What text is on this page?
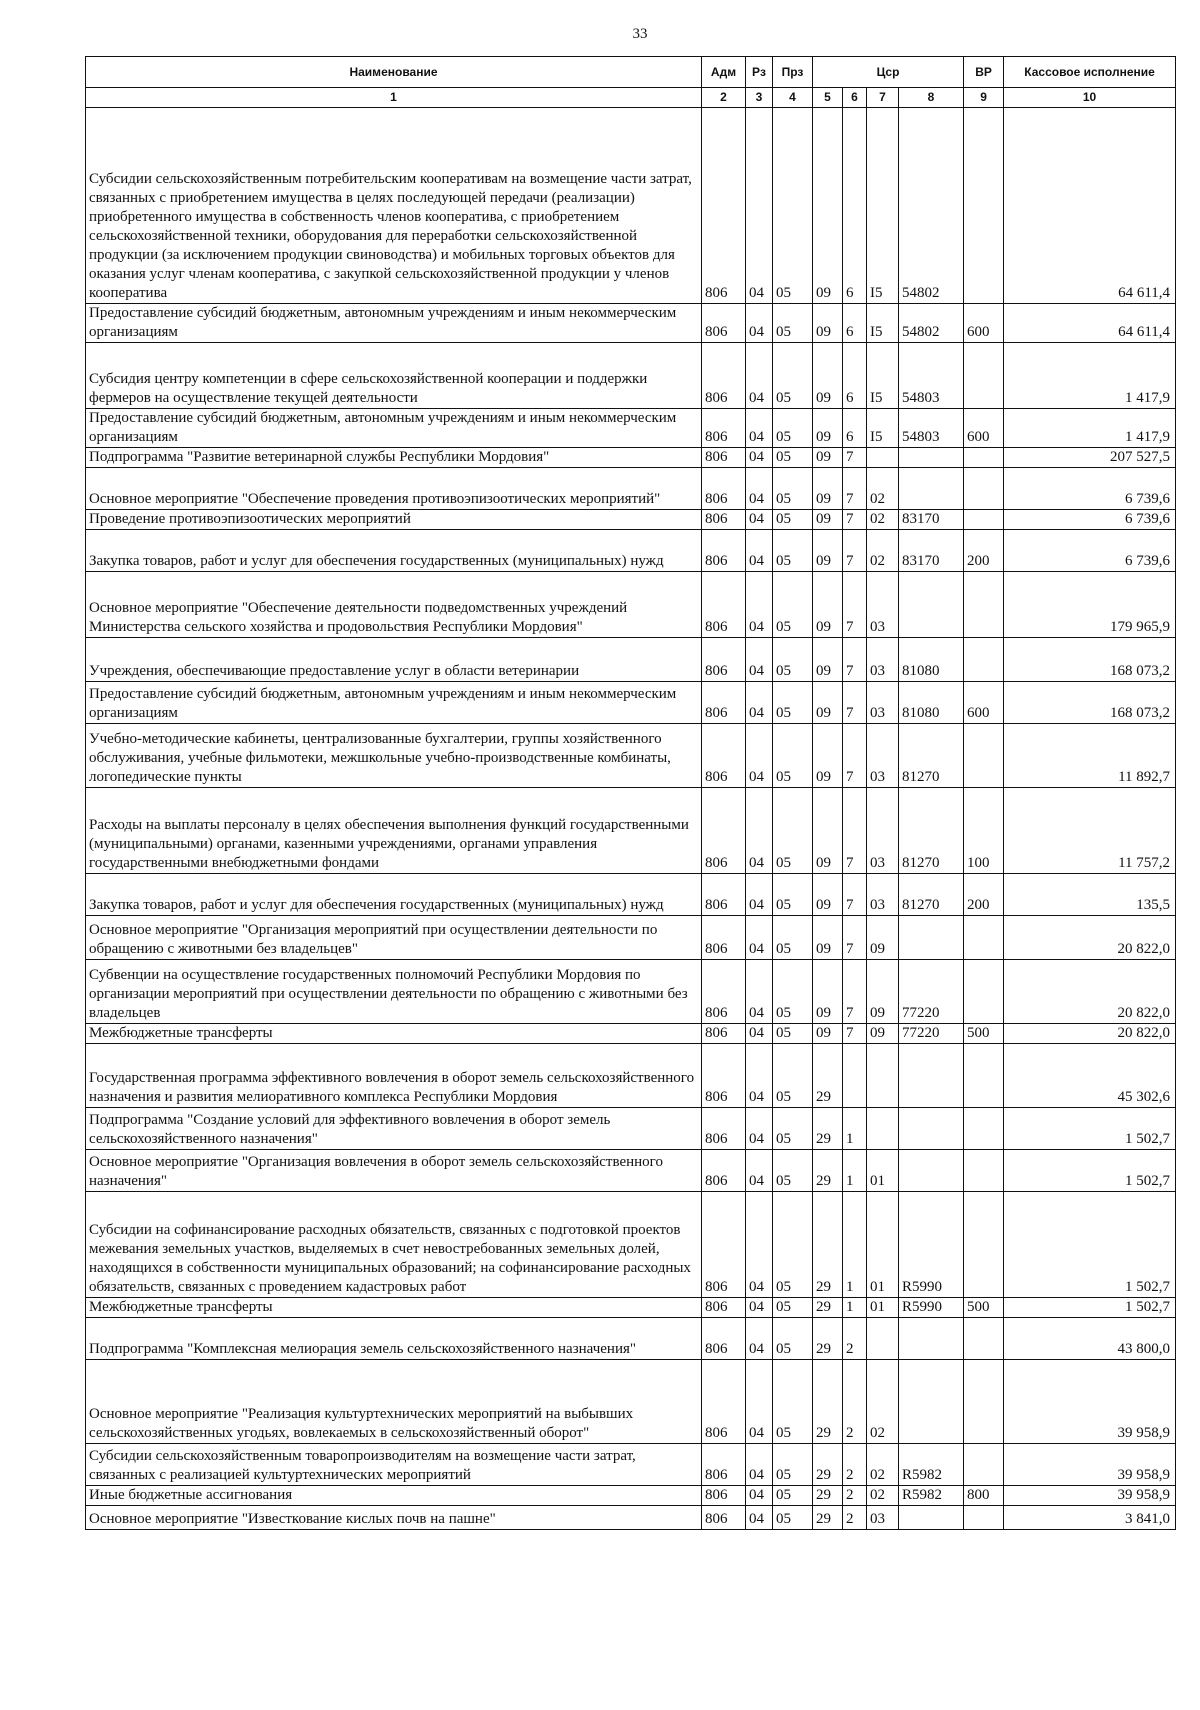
33
Наименование	Адм	Рз	Прз	Цср				ВР	Кассовое исполнение
1	2	3	4	5	6	7	8	9	10
Субсидии сельскохозяйственным потребительским кооперативам на возмещение части затрат, связанных с приобретением имущества в целях последующей передачи (реализации) приобретенного имущества в собственность членов кооператива, с приобретением сельскохозяйственной техники, оборудования для переработки сельскохозяйственной продукции (за исключением продукции свиноводства) и мобильных торговых объектов для оказания услуг членам кооператива, с закупкой сельскохозяйственной продукции у членов кооператива	806	04	05	09	6	I5	54802		64 611,4
Предоставление субсидий бюджетным, автономным учреждениям и иным некоммерческим организациям	806	04	05	09	6	I5	54802	600	64 611,4
Субсидия центру компетенции в сфере сельскохозяйственной кооперации и поддержки фермеров на осуществление текущей деятельности	806	04	05	09	6	I5	54803		1 417,9
Предоставление субсидий бюджетным, автономным учреждениям и иным некоммерческим организациям	806	04	05	09	6	I5	54803	600	1 417,9
Подпрограмма "Развитие ветеринарной службы Республики Мордовия"	806	04	05	09	7				207 527,5
Основное мероприятие "Обеспечение проведения противоэпизоотических мероприятий"	806	04	05	09	7	02			6 739,6
Проведение противоэпизоотических мероприятий	806	04	05	09	7	02	83170		6 739,6
Закупка товаров, работ и услуг для обеспечения государственных (муниципальных) нужд	806	04	05	09	7	02	83170	200	6 739,6
Основное мероприятие "Обеспечение деятельности подведомственных учреждений Министерства сельского хозяйства и продовольствия Республики Мордовия"	806	04	05	09	7	03			179 965,9
Учреждения, обеспечивающие предоставление услуг в области ветеринарии	806	04	05	09	7	03	81080		168 073,2
Предоставление субсидий бюджетным, автономным учреждениям и иным некоммерческим организациям	806	04	05	09	7	03	81080	600	168 073,2
Учебно-методические кабинеты, централизованные бухгалтерии, группы хозяйственного обслуживания, учебные фильмотеки, межшкольные учебно-производственные комбинаты, логопедические пункты	806	04	05	09	7	03	81270		11 892,7
Расходы на выплаты персоналу в целях обеспечения выполнения функций государственными (муниципальными) органами, казенными учреждениями, органами управления государственными внебюджетными фондами	806	04	05	09	7	03	81270	100	11 757,2
Закупка товаров, работ и услуг для обеспечения государственных (муниципальных) нужд	806	04	05	09	7	03	81270	200	135,5
Основное мероприятие "Организация мероприятий при осуществлении деятельности по обращению с животными без владельцев"	806	04	05	09	7	09			20 822,0
Субвенции на осуществление государственных полномочий Республики Мордовия по организации мероприятий при осуществлении деятельности по обращению с животными без владельцев	806	04	05	09	7	09	77220		20 822,0
Межбюджетные трансферты	806	04	05	09	7	09	77220	500	20 822,0
Государственная программа эффективного вовлечения в оборот земель сельскохозяйственного назначения и развития мелиоративного комплекса Республики Мордовия	806	04	05	29					45 302,6
Подпрограмма "Создание условий для эффективного вовлечения в оборот земель сельскохозяйственного назначения"	806	04	05	29	1				1 502,7
Основное мероприятие "Организация вовлечения в оборот земель сельскохозяйственного назначения"	806	04	05	29	1	01			1 502,7
Субсидии на софинансирование расходных обязательств, связанных с подготовкой проектов межевания земельных участков, выделяемых в счет невостребованных земельных долей, находящихся в собственности муниципальных образований; на софинансирование расходных обязательств, связанных с проведением кадастровых работ	806	04	05	29	1	01	R5990		1 502,7
Межбюджетные трансферты	806	04	05	29	1	01	R5990	500	1 502,7
Подпрограмма "Комплексная мелиорация земель сельскохозяйственного назначения"	806	04	05	29	2				43 800,0
Основное мероприятие "Реализация культуртехнических мероприятий на выбывших сельскохозяйственных угодьях, вовлекаемых в сельскохозяйственный оборот"	806	04	05	29	2	02			39 958,9
Субсидии сельскохозяйственным товаропроизводителям на возмещение части затрат, связанных с реализацией культуртехнических мероприятий	806	04	05	29	2	02	R5982		39 958,9
Иные бюджетные ассигнования	806	04	05	29	2	02	R5982	800	39 958,9
Основное мероприятие "Известкование кислых почв на пашне"	806	04	05	29	2	03			3 841,0
